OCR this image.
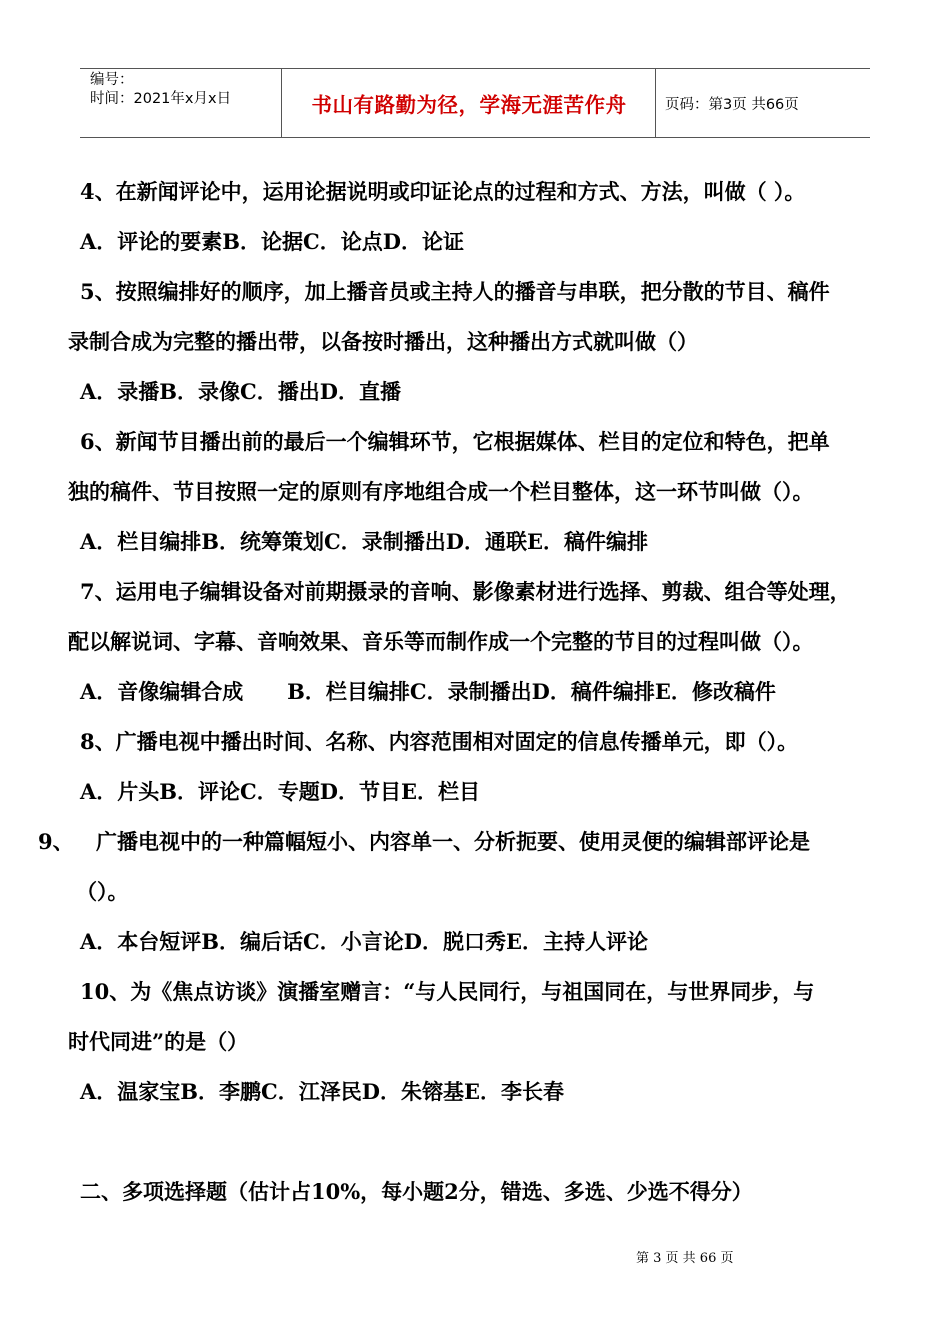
编号：
时间：2021年x月x日	书山有路勤为径，学海无涯苦作舟	页码：第3页 共66页
4、在新闻评论中，运用论据说明或印证论点的过程和方式、方法，叫做（ ）。
A．评论的要素B．论据C．论点D．论证
5、按照编排好的顺序，加上播音员或主持人的播音与串联，把分散的节目、稿件
录制合成为完整的播出带，以备按时播出，这种播出方式就叫做（）
A．录播B．录像C．播出D．直播
6、新闻节目播出前的最后一个编辑环节，它根据媒体、栏目的定位和特色，把单
独的稿件、节目按照一定的原则有序地组合成一个栏目整体，这一环节叫做（）。
A．栏目编排B．统筹策划C．录制播出D．通联E．稿件编排
7、运用电子编辑设备对前期摄录的音响、影像素材进行选择、剪裁、组合等处理，
配以解说词、字幕、音响效果、音乐等而制作成一个完整的节目的过程叫做（）。
A．音像编辑合成      B．栏目编排C．录制播出D．稿件编排E．修改稿件
8、广播电视中播出时间、名称、内容范围相对固定的信息传播单元，即（）。
A．片头B．评论C．专题D．节目E．栏目
9、 广播电视中的一种篇幅短小、内容单一、分析扼要、使用灵便的编辑部评论是
（）。
A．本台短评B．编后话C．小言论D．脱口秀E．主持人评论
10、为《焦点访谈》演播室赠言：“与人民同行，与祖国同在，与世界同步，与
时代同进”的是（）
A．温家宝B．李鹏C．江泽民D．朱镕基E．李长春
二、多项选择题（估计占10%，每小题2分，错选、多选、少选不得分）
第 3 页 共 66 页
